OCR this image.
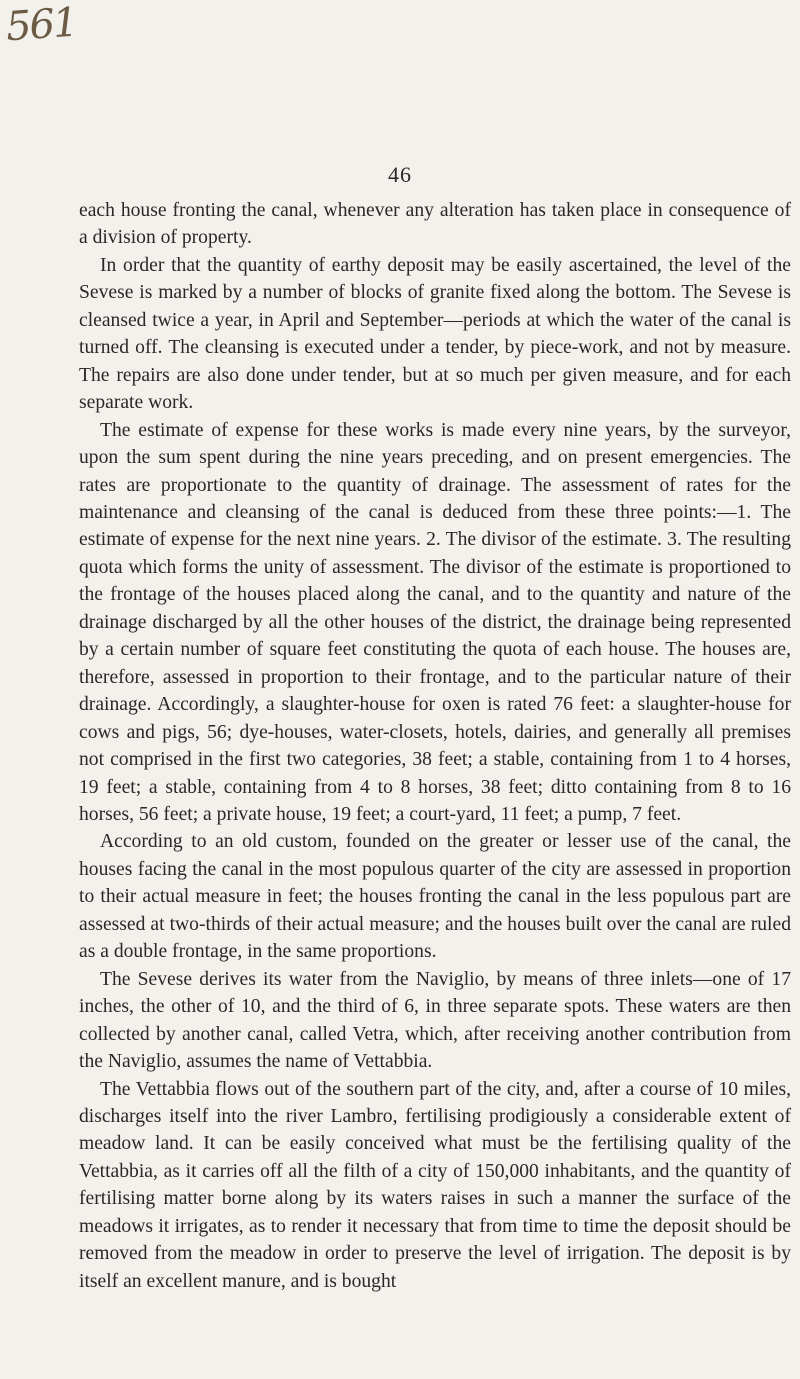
561
46

each house fronting the canal, whenever any alteration has taken place in consequence of a division of property.

In order that the quantity of earthy deposit may be easily ascertained, the level of the Sevese is marked by a number of blocks of granite fixed along the bottom. The Sevese is cleansed twice a year, in April and September—periods at which the water of the canal is turned off. The cleansing is executed under a tender, by piece-work, and not by measure. The repairs are also done under tender, but at so much per given measure, and for each separate work.

The estimate of expense for these works is made every nine years, by the surveyor, upon the sum spent during the nine years preceding, and on present emergencies. The rates are proportionate to the quantity of drainage. The assessment of rates for the maintenance and cleansing of the canal is deduced from these three points:—1. The estimate of expense for the next nine years. 2. The divisor of the estimate. 3. The resulting quota which forms the unity of assessment. The divisor of the estimate is proportioned to the frontage of the houses placed along the canal, and to the quantity and nature of the drainage discharged by all the other houses of the district, the drainage being represented by a certain number of square feet constituting the quota of each house. The houses are, therefore, assessed in proportion to their frontage, and to the particular nature of their drainage. Accordingly, a slaughter-house for oxen is rated 76 feet: a slaughter-house for cows and pigs, 56; dye-houses, water-closets, hotels, dairies, and generally all premises not comprised in the first two categories, 38 feet; a stable, containing from 1 to 4 horses, 19 feet; a stable, containing from 4 to 8 horses, 38 feet; ditto containing from 8 to 16 horses, 56 feet; a private house, 19 feet; a court-yard, 11 feet; a pump, 7 feet.

According to an old custom, founded on the greater or lesser use of the canal, the houses facing the canal in the most populous quarter of the city are assessed in proportion to their actual measure in feet; the houses fronting the canal in the less populous part are assessed at two-thirds of their actual measure; and the houses built over the canal are ruled as a double frontage, in the same proportions.

The Sevese derives its water from the Naviglio, by means of three inlets—one of 17 inches, the other of 10, and the third of 6, in three separate spots. These waters are then collected by another canal, called Vetra, which, after receiving another contribution from the Naviglio, assumes the name of Vettabbia.

The Vettabbia flows out of the southern part of the city, and, after a course of 10 miles, discharges itself into the river Lambro, fertilising prodigiously a considerable extent of meadow land. It can be easily conceived what must be the fertilising quality of the Vettabbia, as it carries off all the filth of a city of 150,000 inhabitants, and the quantity of fertilising matter borne along by its waters raises in such a manner the surface of the meadows it irrigates, as to render it necessary that from time to time the deposit should be removed from the meadow in order to preserve the level of irrigation. The deposit is by itself an excellent manure, and is bought
